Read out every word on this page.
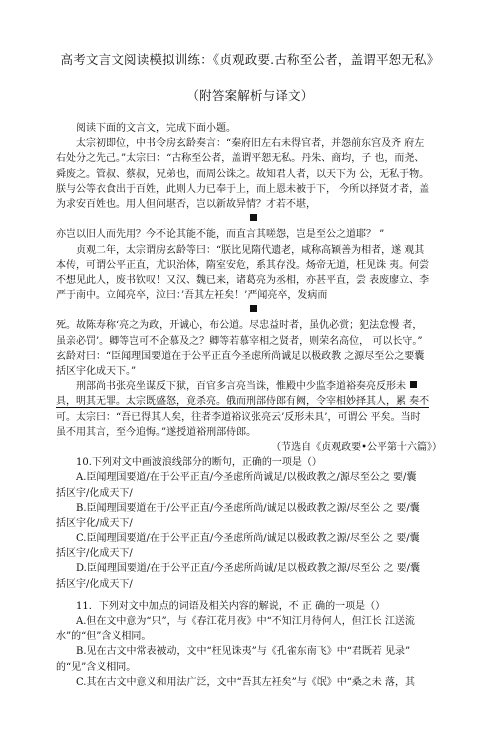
高考文言文阅读模拟训练：《贞观政要.古称至公者，盖谓平恕无私》
（附答案解析与译文）
阅读下面的文言文，完成下面小题。
太宗初即位，中书令房玄龄奏言：“秦府旧左右未得官者，并怨前东宫及齐 府左
右处分之先己。”太宗曰：“古称至公者，盖谓平恕无私。丹朱、商均，子 也，而尧、
舜废之。管叔、蔡叔，兄弟也，而周公诛之。故知君人者，以天下为 公，无私于物。
朕与公等衣食出于百姓，此则人力已奉于上，而上恩未被于下， 今所以择贤才者，盖
为求安百姓也。用人但问堪否，岂以新故异情？才若不堪，
亦岂以旧人而先用？今不论其能不能，而直言其嗟怨，岂是至公之道耶？ ”
贞观二年，太宗谓房玄龄等曰：“朕比见隋代遗老，咸称高颖善为相者，遂 观其
本传，可谓公平正直，尤识治体，隋室安危，系其存没。炀帝无道，枉见诛 夷。何尝
不想见此人，废书钦叹！又汉、魏已来，诸葛亮为丞相，亦甚平直，尝 表废廖立、李
严于南中。立闻亮卒，泣曰：’吾其左衽矣！’严闻亮卒，发病而
死。故陈寿称‘亮之为政，开诚心，布公道。尽忠益时者，虽仇必赏；犯法怠慢 者，
虽亲必罚’。卿等岂可不企慕及之？卿等若慕宰相之贤者，则荣名高位， 可以长守。”
玄龄对曰：“臣闻理国要道在于公平正直今圣虑所尚诚足以极政教 之源尽至公之要囊
括区宇化成天下。”
刑部尚书张亮坐谋反下狱，百官多言亮当诛，惟殿中少监李道裕奏亮反形未
具，明其无罪。太宗既盛怒，竟杀亮。俄而刑部侍郎有阙，令宰相妙择其人，累 奏不
可。太宗曰：“吾已得其人矣，往者李道裕议张亮云’反形未具’，可谓公 平矣。当时
虽不用其言，至今追悔。”遂授道裕刑部侍郎。
（节选自《贞观政要•公平第十六篇》）
10.下列对文中画波浪线部分的断句，正确的一项是（）
A.臣闻理国要道/在于公平正直/今圣虑所尚诚足/以极政教之/源尽至公之 要/囊
括区宇/化成天下/
B.臣闻理国要道在于/公平正直/今圣虑所尚/诚足以极政教之源/尽至公 之 要/囊
括区宇化/成天下/
C.臣闻理国要道/在于公平正直/今圣虑所尚/诚足以极政教之源/尽至公 之 要/囊
括区宇/化成天下/
D.臣闻理国要道/在于公平正直/今圣虑所尚诚/足以极政教之源/尽至公 之 要/囊
括区宇/化成天下/
11．下列对文中加点的词语及相关内容的解说，不 正 确的一项是（）
A.但在文中意为“只”，与《春江花月夜》中“不知江月待何人，但江长 江送流
水”的“但”含义相同。
B.见在古文中常表被动，文中“枉见诛夷”与《孔雀东南飞》中“君既若 见录”
的“见”含义相同。
C.其在古文中意义和用法广泛，文中“吾其左衽矣”与《氓》中“桑之未 落，其
